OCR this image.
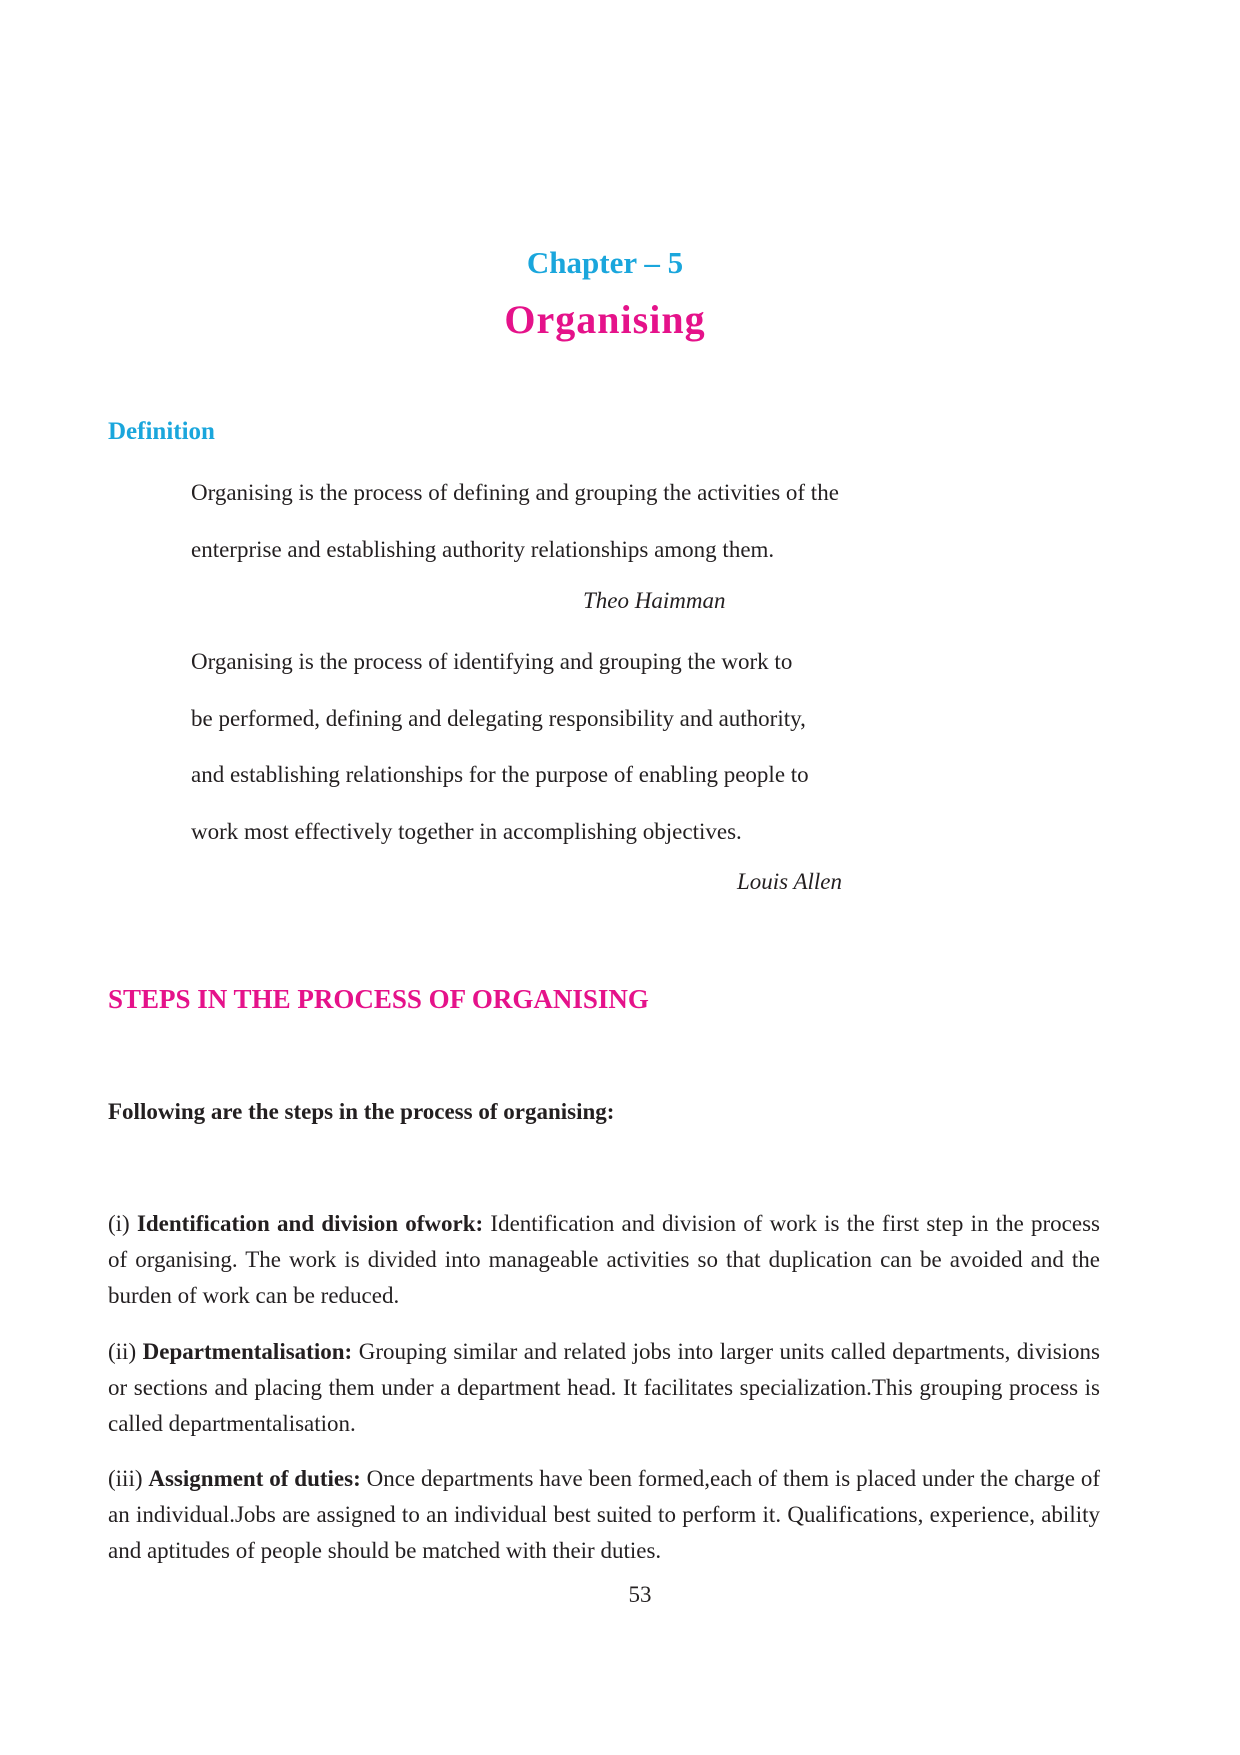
Chapter – 5
Organising
Definition
Organising is the process of defining and grouping the activities of the
enterprise and establishing authority relationships among them.
Theo Haimman
Organising is the process of identifying and grouping the work to
be performed, defining and delegating responsibility and authority,
and establishing relationships for the purpose of enabling people to
work most effectively together in accomplishing objectives.
Louis Allen
STEPS IN THE PROCESS OF ORGANISING
Following are the steps in the process of organising:

(i) Identification and division ofwork: Identification and division of work is the first step in the process of organising. The work is divided into manageable activities so that duplication can be avoided and the burden of work can be reduced.

(ii) Departmentalisation: Grouping similar and related jobs into larger units called departments, divisions or sections and placing them under a department head. It facilitates specialization.This grouping process is called departmentalisation.

(iii) Assignment of duties: Once departments have been formed,each of them is placed under the charge of an individual.Jobs are assigned to an individual best suited to perform it. Qualifications, experience, ability and aptitudes of people should be matched with their duties.

53
